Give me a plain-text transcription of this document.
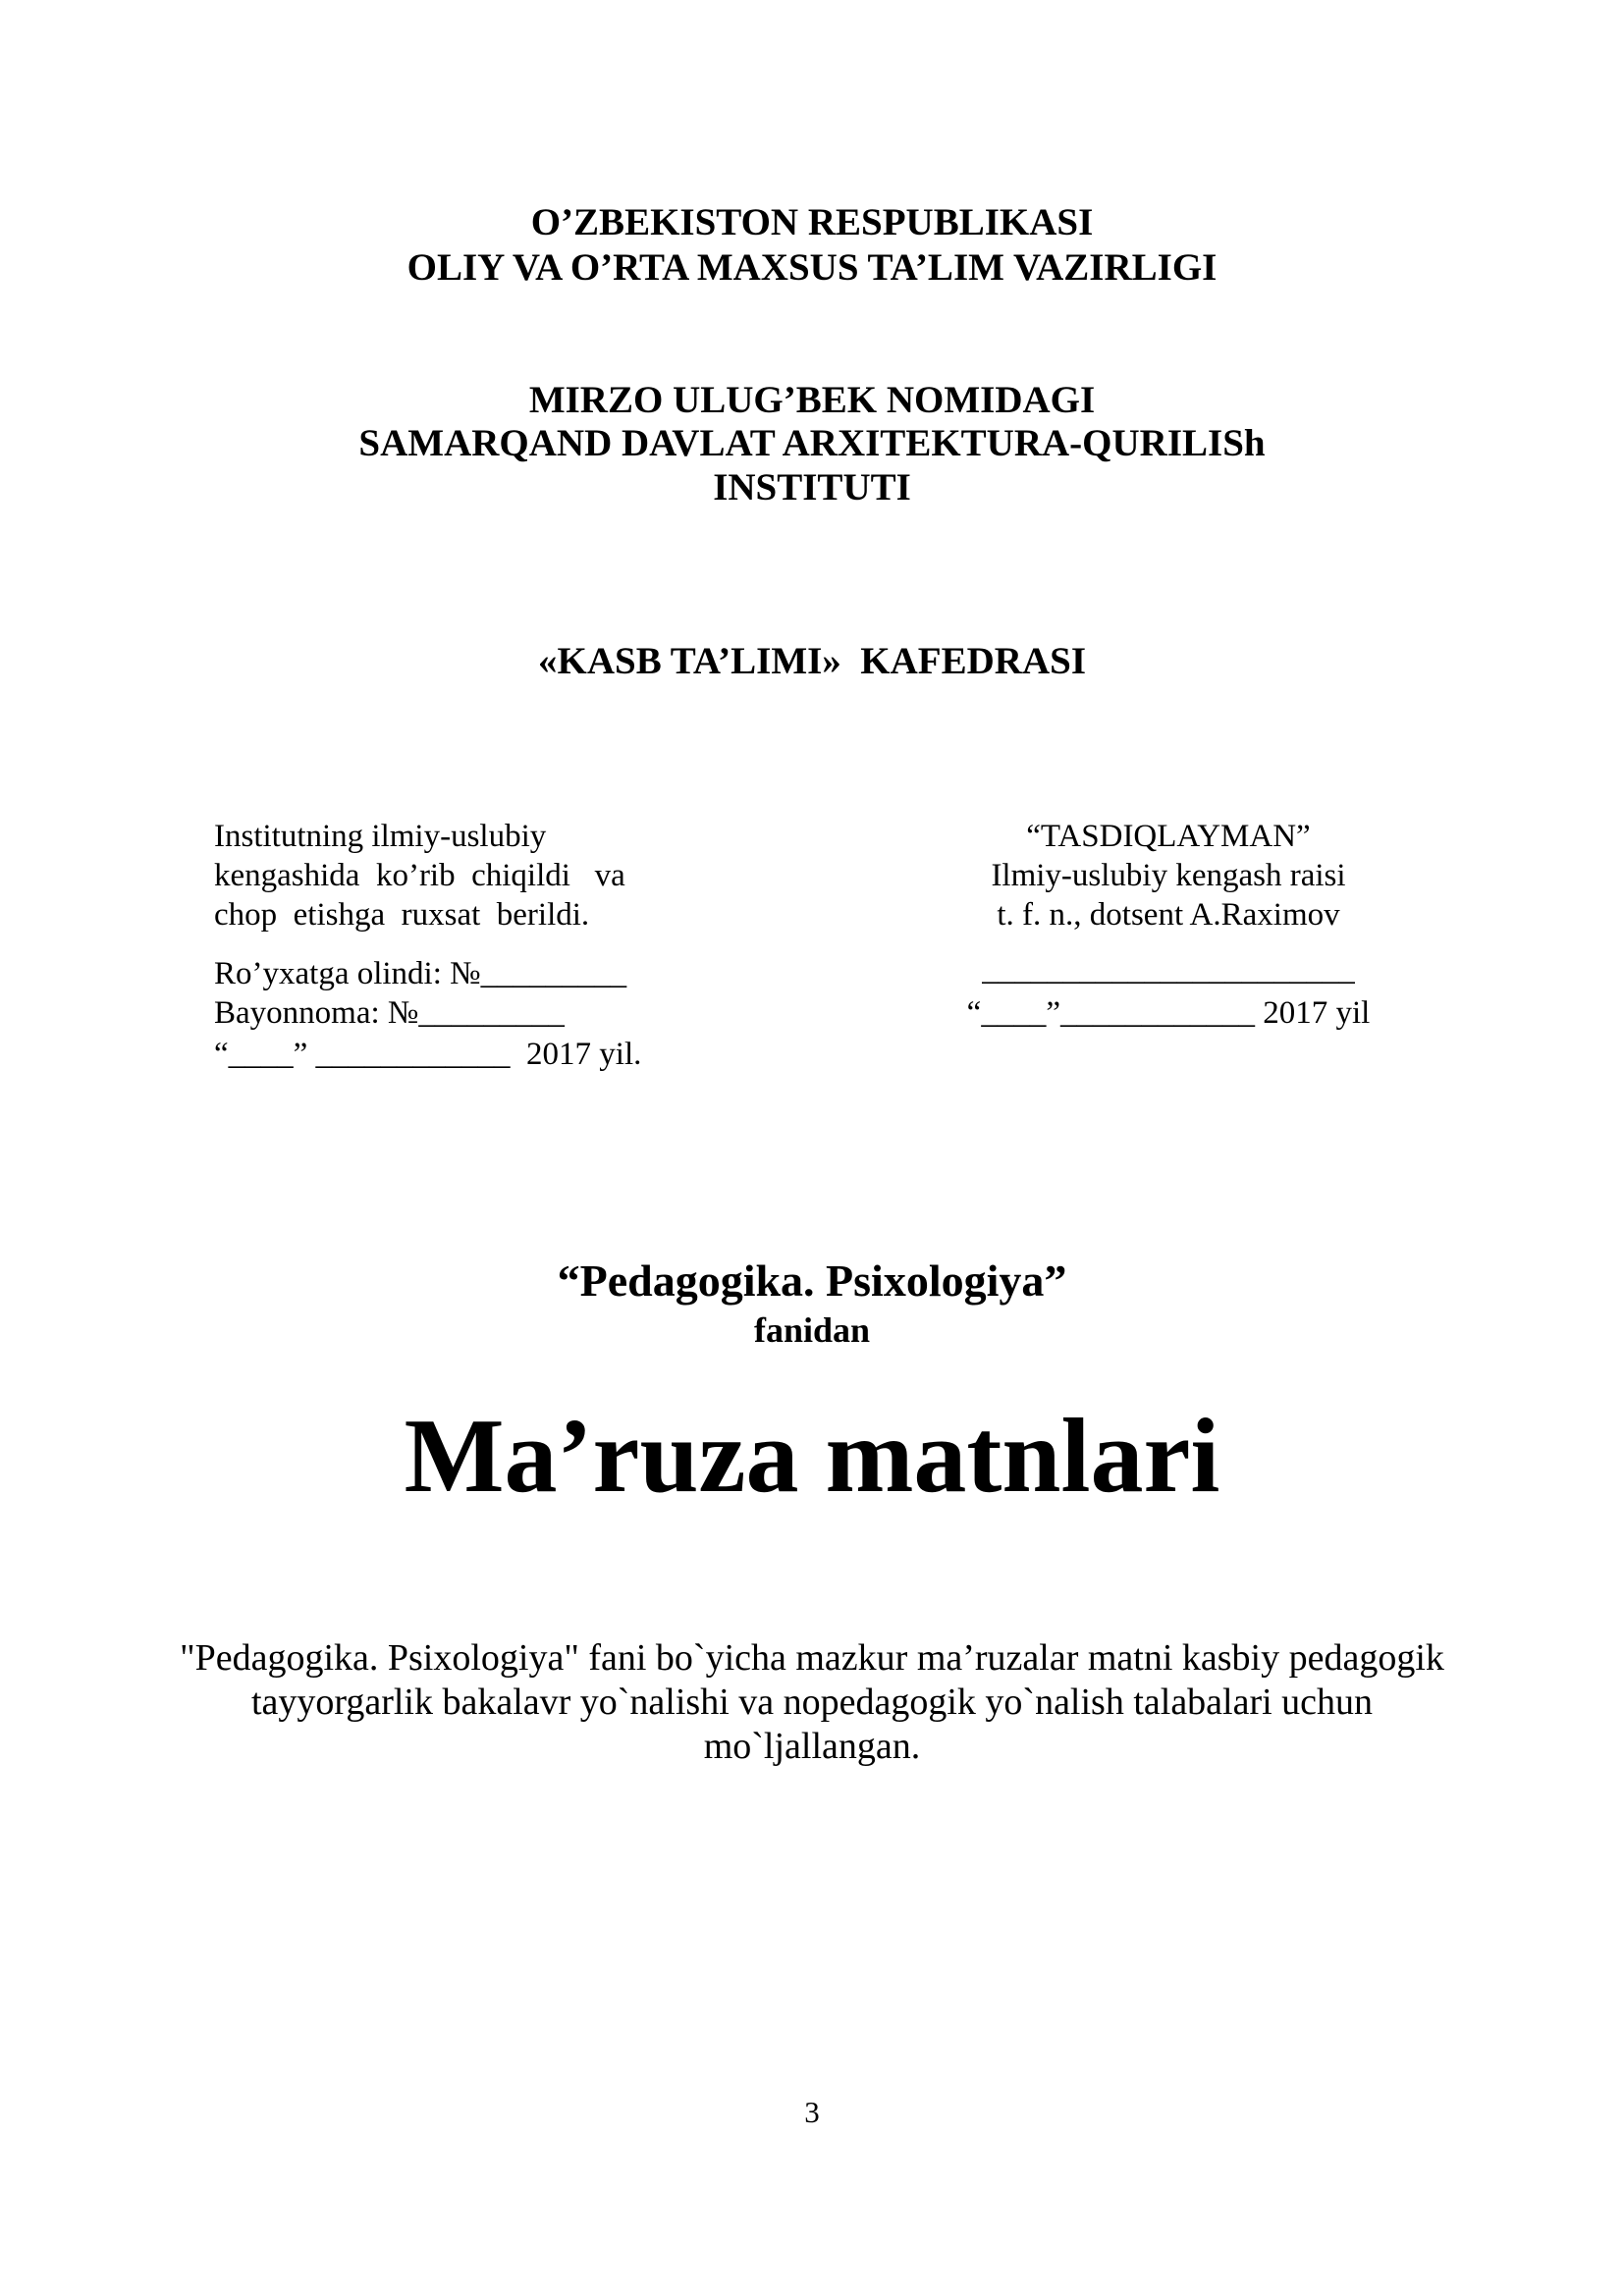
O’ZBEKISTON RESPUBLIKASI
OLIY VA O’RTA MAXSUS TA’LIM VAZIRLIGI
MIRZO ULUG’BEK NOMIDAGI
SAMARQAND DAVLAT ARXITEKTURA-QURILISh
INSTITUTI
«KASB TA’LIMI»  KAFEDRASI
Institutning ilmiy-uslubiy
kengashida  ko’rib  chiqildi   va
chop  etishga  ruxsat  berildi.
Ro’yxatga olindi: №_________
Bayonnoma: №_________
“____” ____________  2017 yil.
“TASDIQLAYMAN”
Ilmiy-uslubiy kengash raisi
t. f. n., dotsent A.Raximov
_______________________
“____”____________ 2017 yil
“Pedagogika. Psixologiya”
fanidan
Ma’ruza matnlari
"Pedagogika. Psixologiya" fani bo`yicha mazkur ma’ruzalar matni kasbiy pedagogik
tayyorgarlik bakalavr yo`nalishi va nopedagogik yo`nalish talabalari uchun
mo`ljallangan.
3
